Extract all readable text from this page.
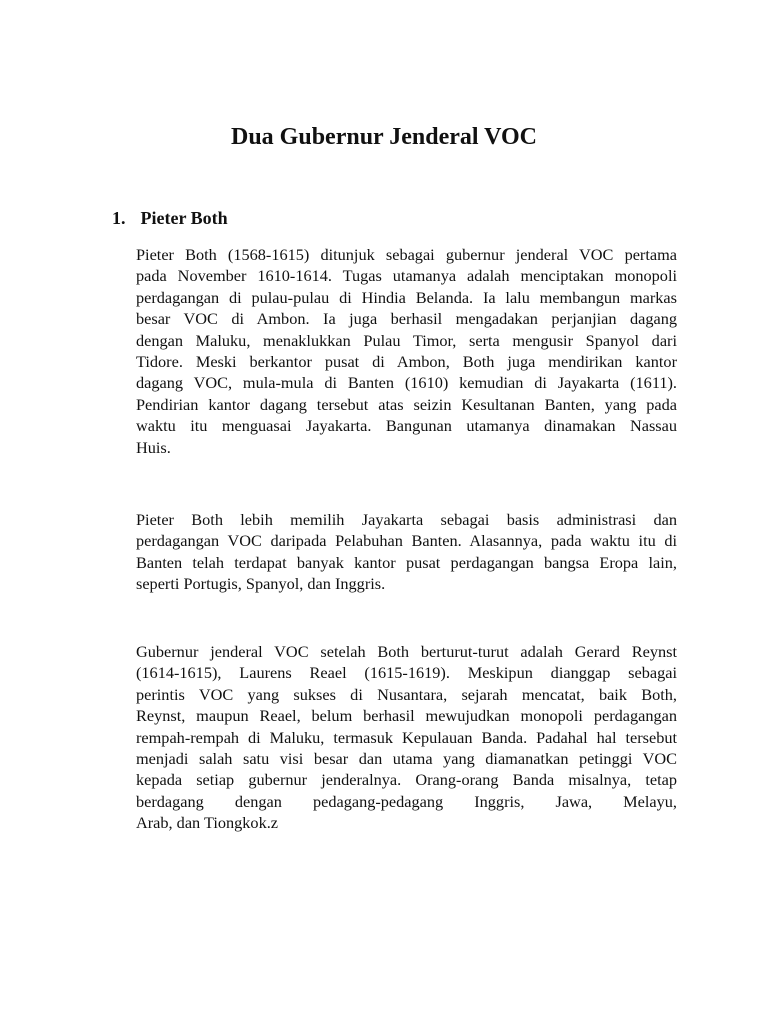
Dua Gubernur Jenderal VOC
1. Pieter Both
Pieter Both (1568-1615) ditunjuk sebagai gubernur jenderal VOC pertama
pada November 1610-1614. Tugas utamanya adalah menciptakan monopoli
perdagangan di pulau-pulau di Hindia Belanda. Ia lalu membangun markas
besar VOC di Ambon. Ia juga berhasil mengadakan perjanjian dagang
dengan Maluku, menaklukkan Pulau Timor, serta mengusir Spanyol dari
Tidore. Meski berkantor pusat di Ambon, Both juga mendirikan kantor
dagang VOC, mula-mula di Banten (1610) kemudian di Jayakarta (1611).
Pendirian kantor dagang tersebut atas seizin Kesultanan Banten, yang pada
waktu itu menguasai Jayakarta. Bangunan utamanya dinamakan Nassau
Huis.
Pieter Both lebih memilih Jayakarta sebagai basis administrasi dan
perdagangan VOC daripada Pelabuhan Banten. Alasannya, pada waktu itu di
Banten telah terdapat banyak kantor pusat perdagangan bangsa Eropa lain,
seperti Portugis, Spanyol, dan Inggris.
Gubernur jenderal VOC setelah Both berturut-turut adalah Gerard Reynst
(1614-1615), Laurens Reael (1615-1619). Meskipun dianggap sebagai
perintis VOC yang sukses di Nusantara, sejarah mencatat, baik Both,
Reynst, maupun Reael, belum berhasil mewujudkan monopoli perdagangan
rempah-rempah di Maluku, termasuk Kepulauan Banda. Padahal hal tersebut
menjadi salah satu visi besar dan utama yang diamanatkan petinggi VOC
kepada setiap gubernur jenderalnya. Orang-orang Banda misalnya, tetap
berdagang dengan pedagang-pedagang Inggris, Jawa, Melayu,
Arab, dan Tiongkok.z
